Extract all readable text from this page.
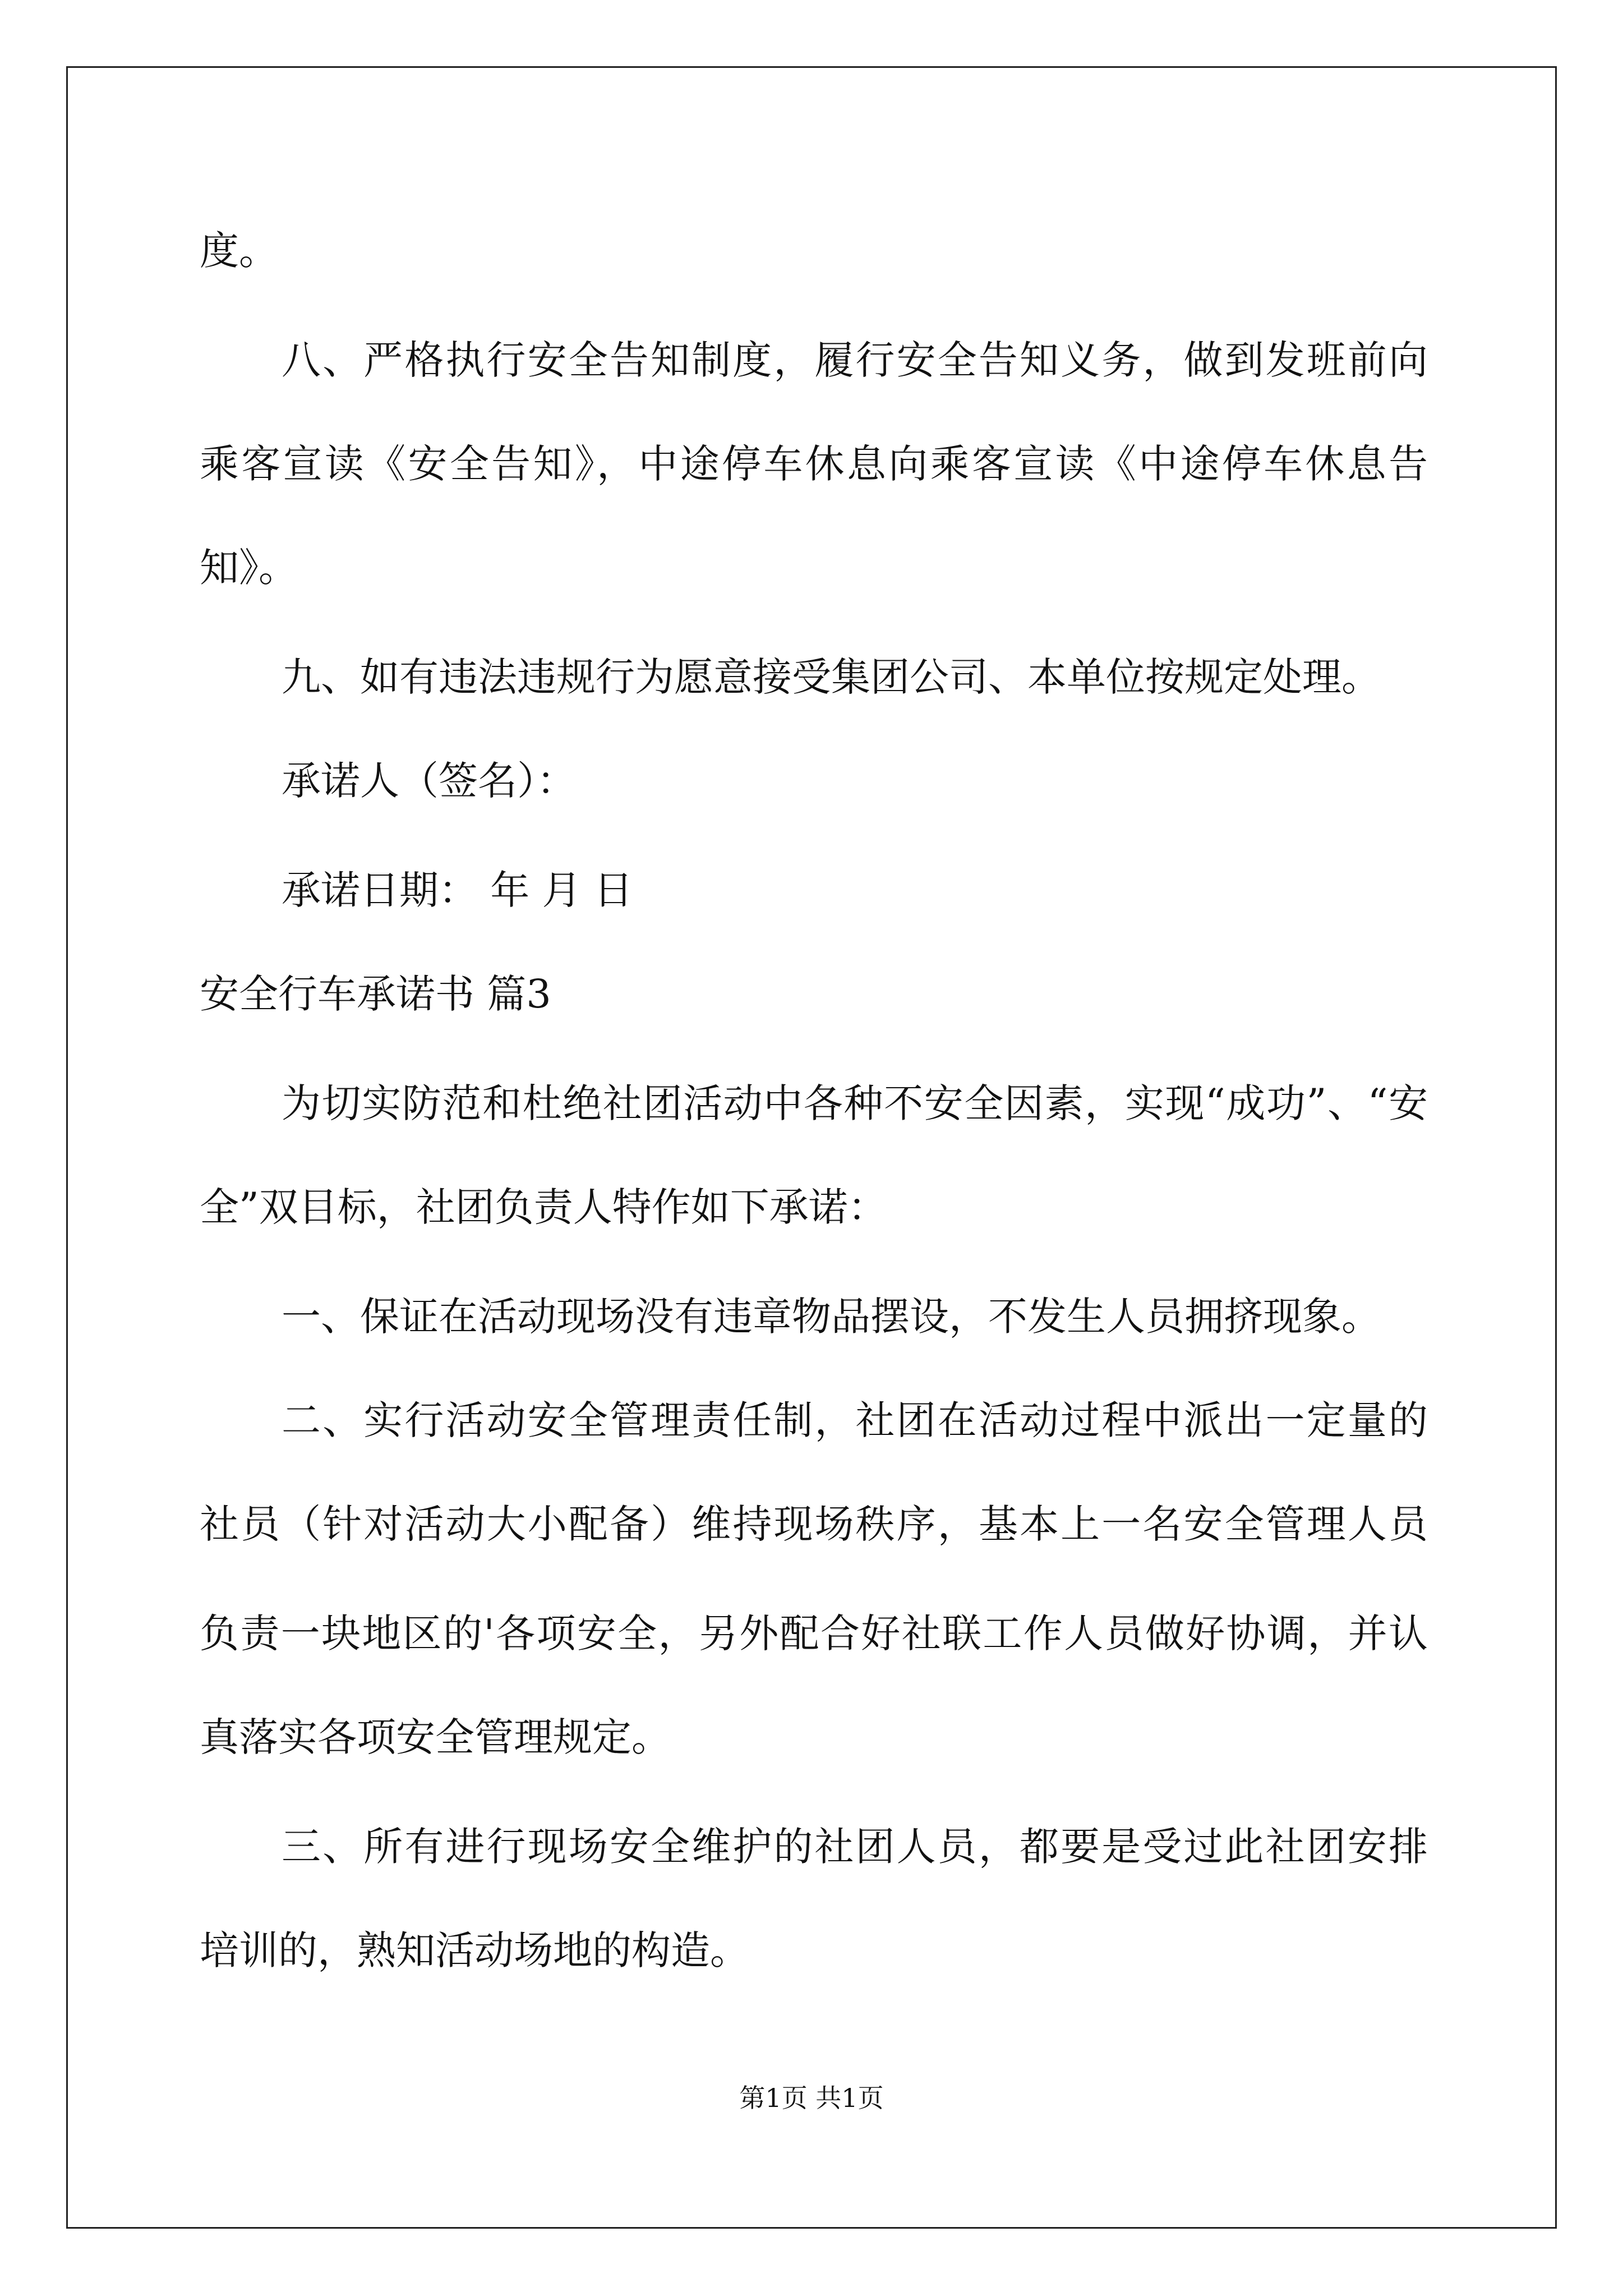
度。
八、严格执行安全告知制度，履行安全告知义务，做到发班前向
乘客宣读《安全告知》，中途停车休息向乘客宣读《中途停车休息告
知》。
九、如有违法违规行为愿意接受集团公司、本单位按规定处理。
承诺人（签名）：
承诺日期： 年 月 日
安全行车承诺书 篇3
为切实防范和杜绝社团活动中各种不安全因素，实现“成功”、“安
全”双目标，社团负责人特作如下承诺：
一、保证在活动现场没有违章物品摆设，不发生人员拥挤现象。
二、实行活动安全管理责任制，社团在活动过程中派出一定量的
社员（针对活动大小配备）维持现场秩序，基本上一名安全管理人员
负责一块地区的'各项安全，另外配合好社联工作人员做好协调，并认
真落实各项安全管理规定。
三、所有进行现场安全维护的社团人员，都要是受过此社团安排
培训的，熟知活动场地的构造。
第1页 共1页
